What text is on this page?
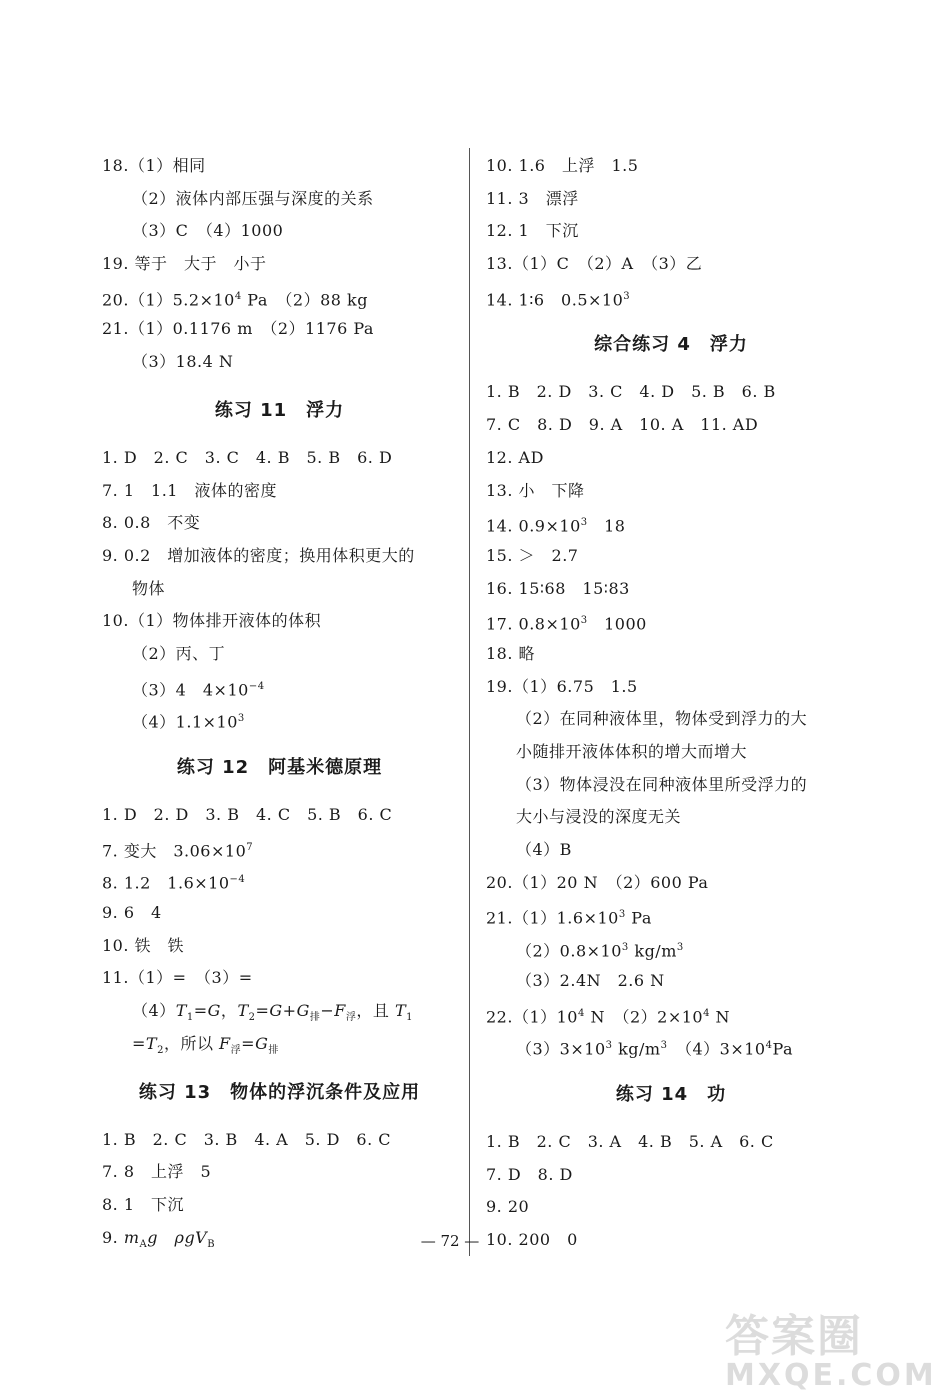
18.（1）相同
（2）液体内部压强与深度的关系
（3）C　（4）1000
19. 等于　大于　小于
$20.(1)5.2\times 10^4$ Pa　（2）88 kg
21.（1）0.1176 m　（2）1176 Pa
（3）18.4 N
练习 11　浮力
1. D　2. C　3. C　4. B　5. B　6. D
7. 1　1.1　液体的密度
8. 0.8　不变
9. 0.2　增加液体的密度；换用体积更大的
物体
10.（1）物体排开液体的体积
（2）丙、丁
（3）4　$4\times 10^{-4}$
$(4)1.1\times 10^3$
练习 12　阿基米德原理
1. D　2. D　3. B　4. C　5. B　6. C
7. 变大　$3.06\times 10^7$
8. 1.2　$1.6\times 10^{-4}$
9. 6　4
10. 铁　铁
11.（1）=　（3）=
$(4)T_1=G$，$T_2=G+G_排-F_浮$，且 $T_1$
$=T_2$，所以 $F_浮=G_排$
练习 13　物体的浮沉条件及应用
1. B　2. C　3. B　4. A　5. D　6. C
7. 8　上浮　5
8. 1　下沉
9. $m_Ag$　 ρgV$_B$
10. 1.6　上浮　1.5
11. 3　漂浮
12. 1　下沉
13.（1）C　（2）A　（3）乙
14. 1∶6　$0.5\times 10^3$
综合练习 4　浮力
1. B　2. D　3. C　4. D　5. B　6. B
7. C　8. D　9. A　10. A　11. AD
12. AD
13. 小　下降
14. $0.9\times 10^3$　18
15. ＞　2.7
16. 15∶68　15∶83
17. $0.8\times 10^3$　1000
18. 略
19.（1）6.75　1.5
（2）在同种液体里，物体受到浮力的大
小随排开液体体积的增大而增大
（3）物体浸没在同种液体里所受浮力的
大小与浸没的深度无关
（4）B
20.（1）20 N　（2）600 Pa
$21.(1)1.6\times 10^3$ Pa
$(2)0.8\times 10^3$ $kg/m^3$
（3）2.4N　2.6 N
$22.(1)10^4$ N　$(2)2\times 10^4$ N
$(3)3\times 10^3$ $kg/m^3$　$(4)3\times 10^4Pa$
练习 14　功
1. B　2. C　3. A　4. B　5. A　6. C
7. D　8. D
9. 20
10. 200　0
— 72 —
答案圈
MXQE.COM
